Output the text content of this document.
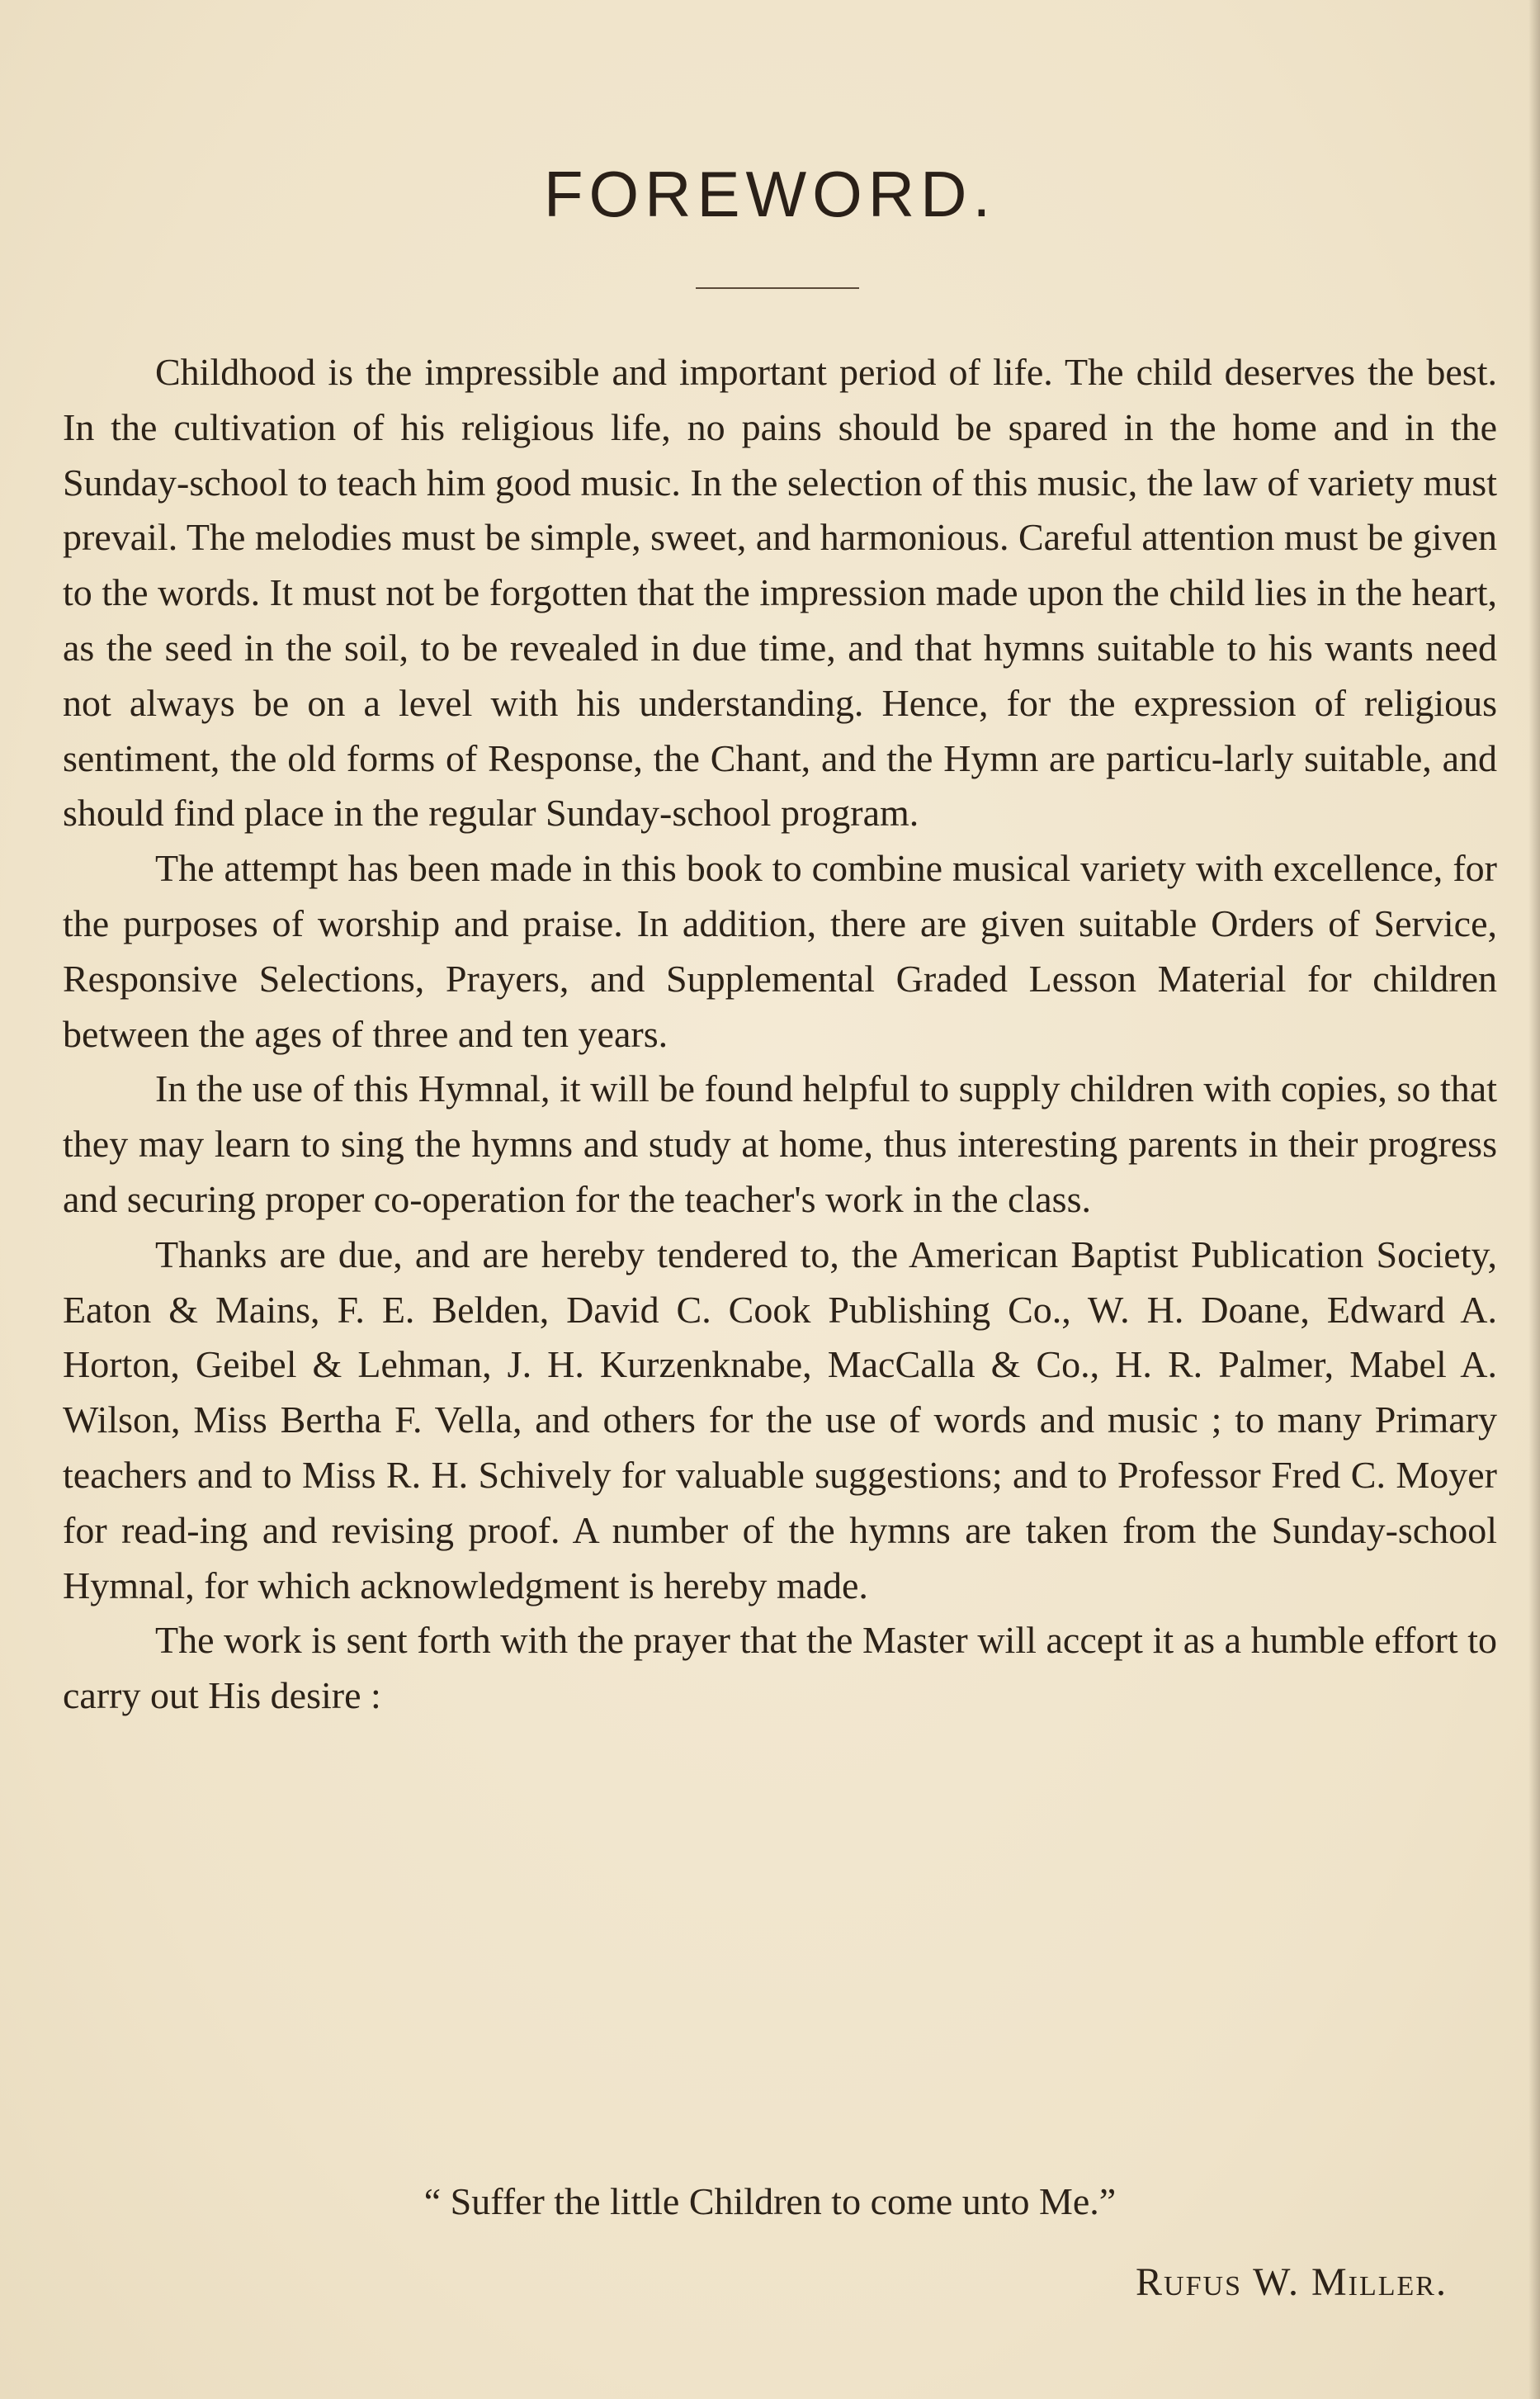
FOREWORD.

Childhood is the impressible and important period of life. The child deserves the best. In the cultivation of his religious life, no pains should be spared in the home and in the Sunday-school to teach him good music. In the selection of this music, the law of variety must prevail. The melodies must be simple, sweet, and harmonious. Careful attention must be given to the words. It must not be forgotten that the impression made upon the child lies in the heart, as the seed in the soil, to be revealed in due time, and that hymns suitable to his wants need not always be on a level with his understanding. Hence, for the expression of religious sentiment, the old forms of Response, the Chant, and the Hymn are particu-larly suitable, and should find place in the regular Sunday-school program.

The attempt has been made in this book to combine musical variety with excellence, for the purposes of worship and praise. In addition, there are given suitable Orders of Service, Responsive Selections, Prayers, and Supplemental Graded Lesson Material for children between the ages of three and ten years.

In the use of this Hymnal, it will be found helpful to supply children with copies, so that they may learn to sing the hymns and study at home, thus interesting parents in their progress and securing proper co-operation for the teacher's work in the class.

Thanks are due, and are hereby tendered to, the American Baptist Publication Society, Eaton & Mains, F. E. Belden, David C. Cook Publishing Co., W. H. Doane, Edward A. Horton, Geibel & Lehman, J. H. Kurzenknabe, MacCalla & Co., H. R. Palmer, Mabel A. Wilson, Miss Bertha F. Vella, and others for the use of words and music ; to many Primary teachers and to Miss R. H. Schively for valuable suggestions; and to Professor Fred C. Moyer for read-ing and revising proof. A number of the hymns are taken from the Sunday-school Hymnal, for which acknowledgment is hereby made.

The work is sent forth with the prayer that the Master will accept it as a humble effort to carry out His desire :

“ Suffer the little Children to come unto Me.”

Rufus W. Miller.
